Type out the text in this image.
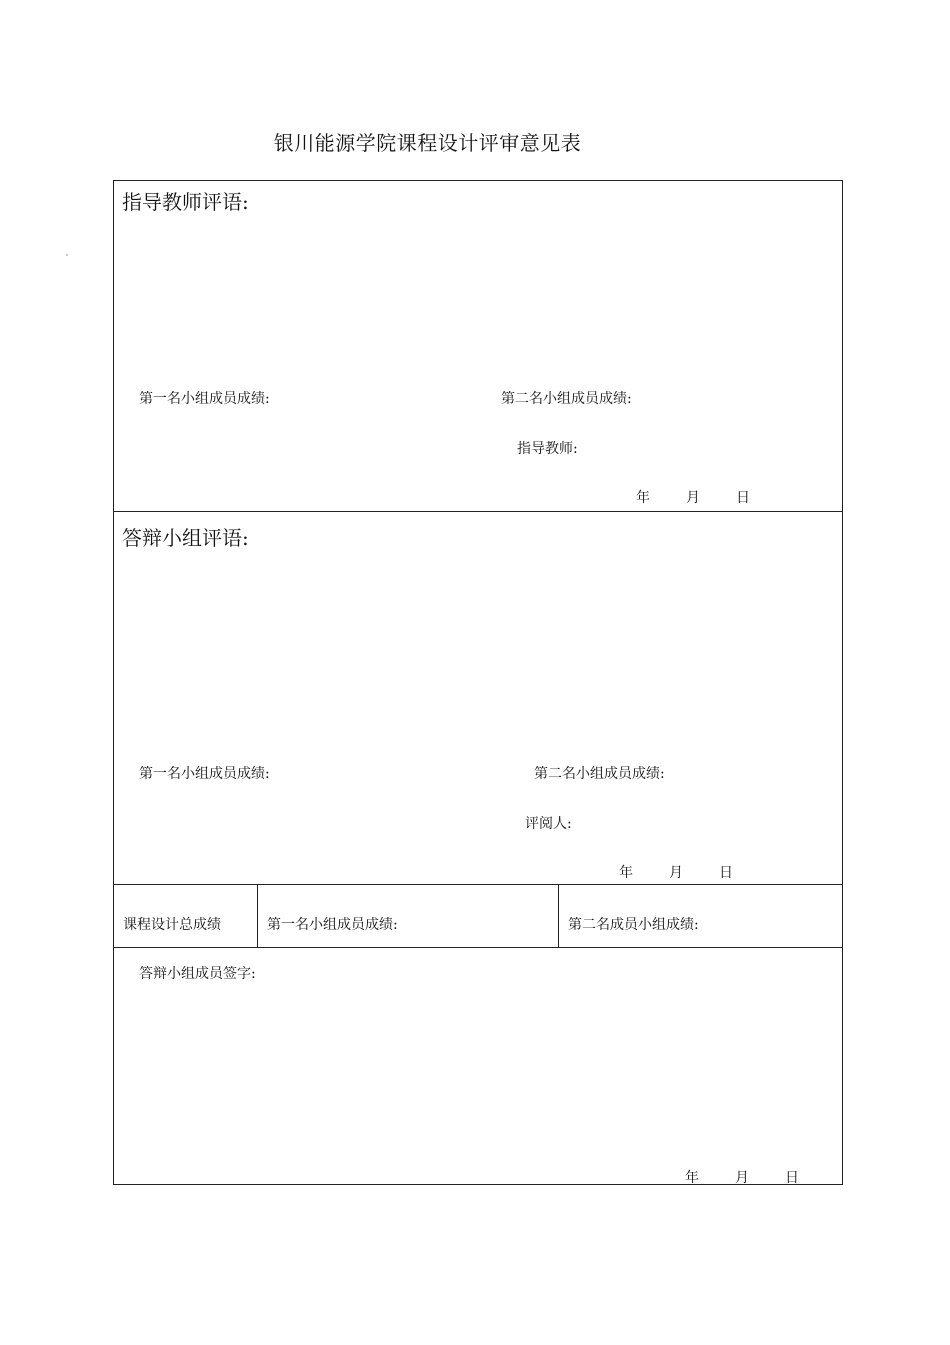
银川能源学院课程设计评审意见表
指导教师评语:
第一名小组成员成绩:	第二名小组成员成绩:
指导教师:
年	月	日
答辩小组评语:
第一名小组成员成绩:	第二名小组成员成绩:
评阅人:
年	月	日
课程设计总成绩	第一名小组成员成绩:	第二名成员小组成绩:
答辩小组成员签字:
年	月	日
